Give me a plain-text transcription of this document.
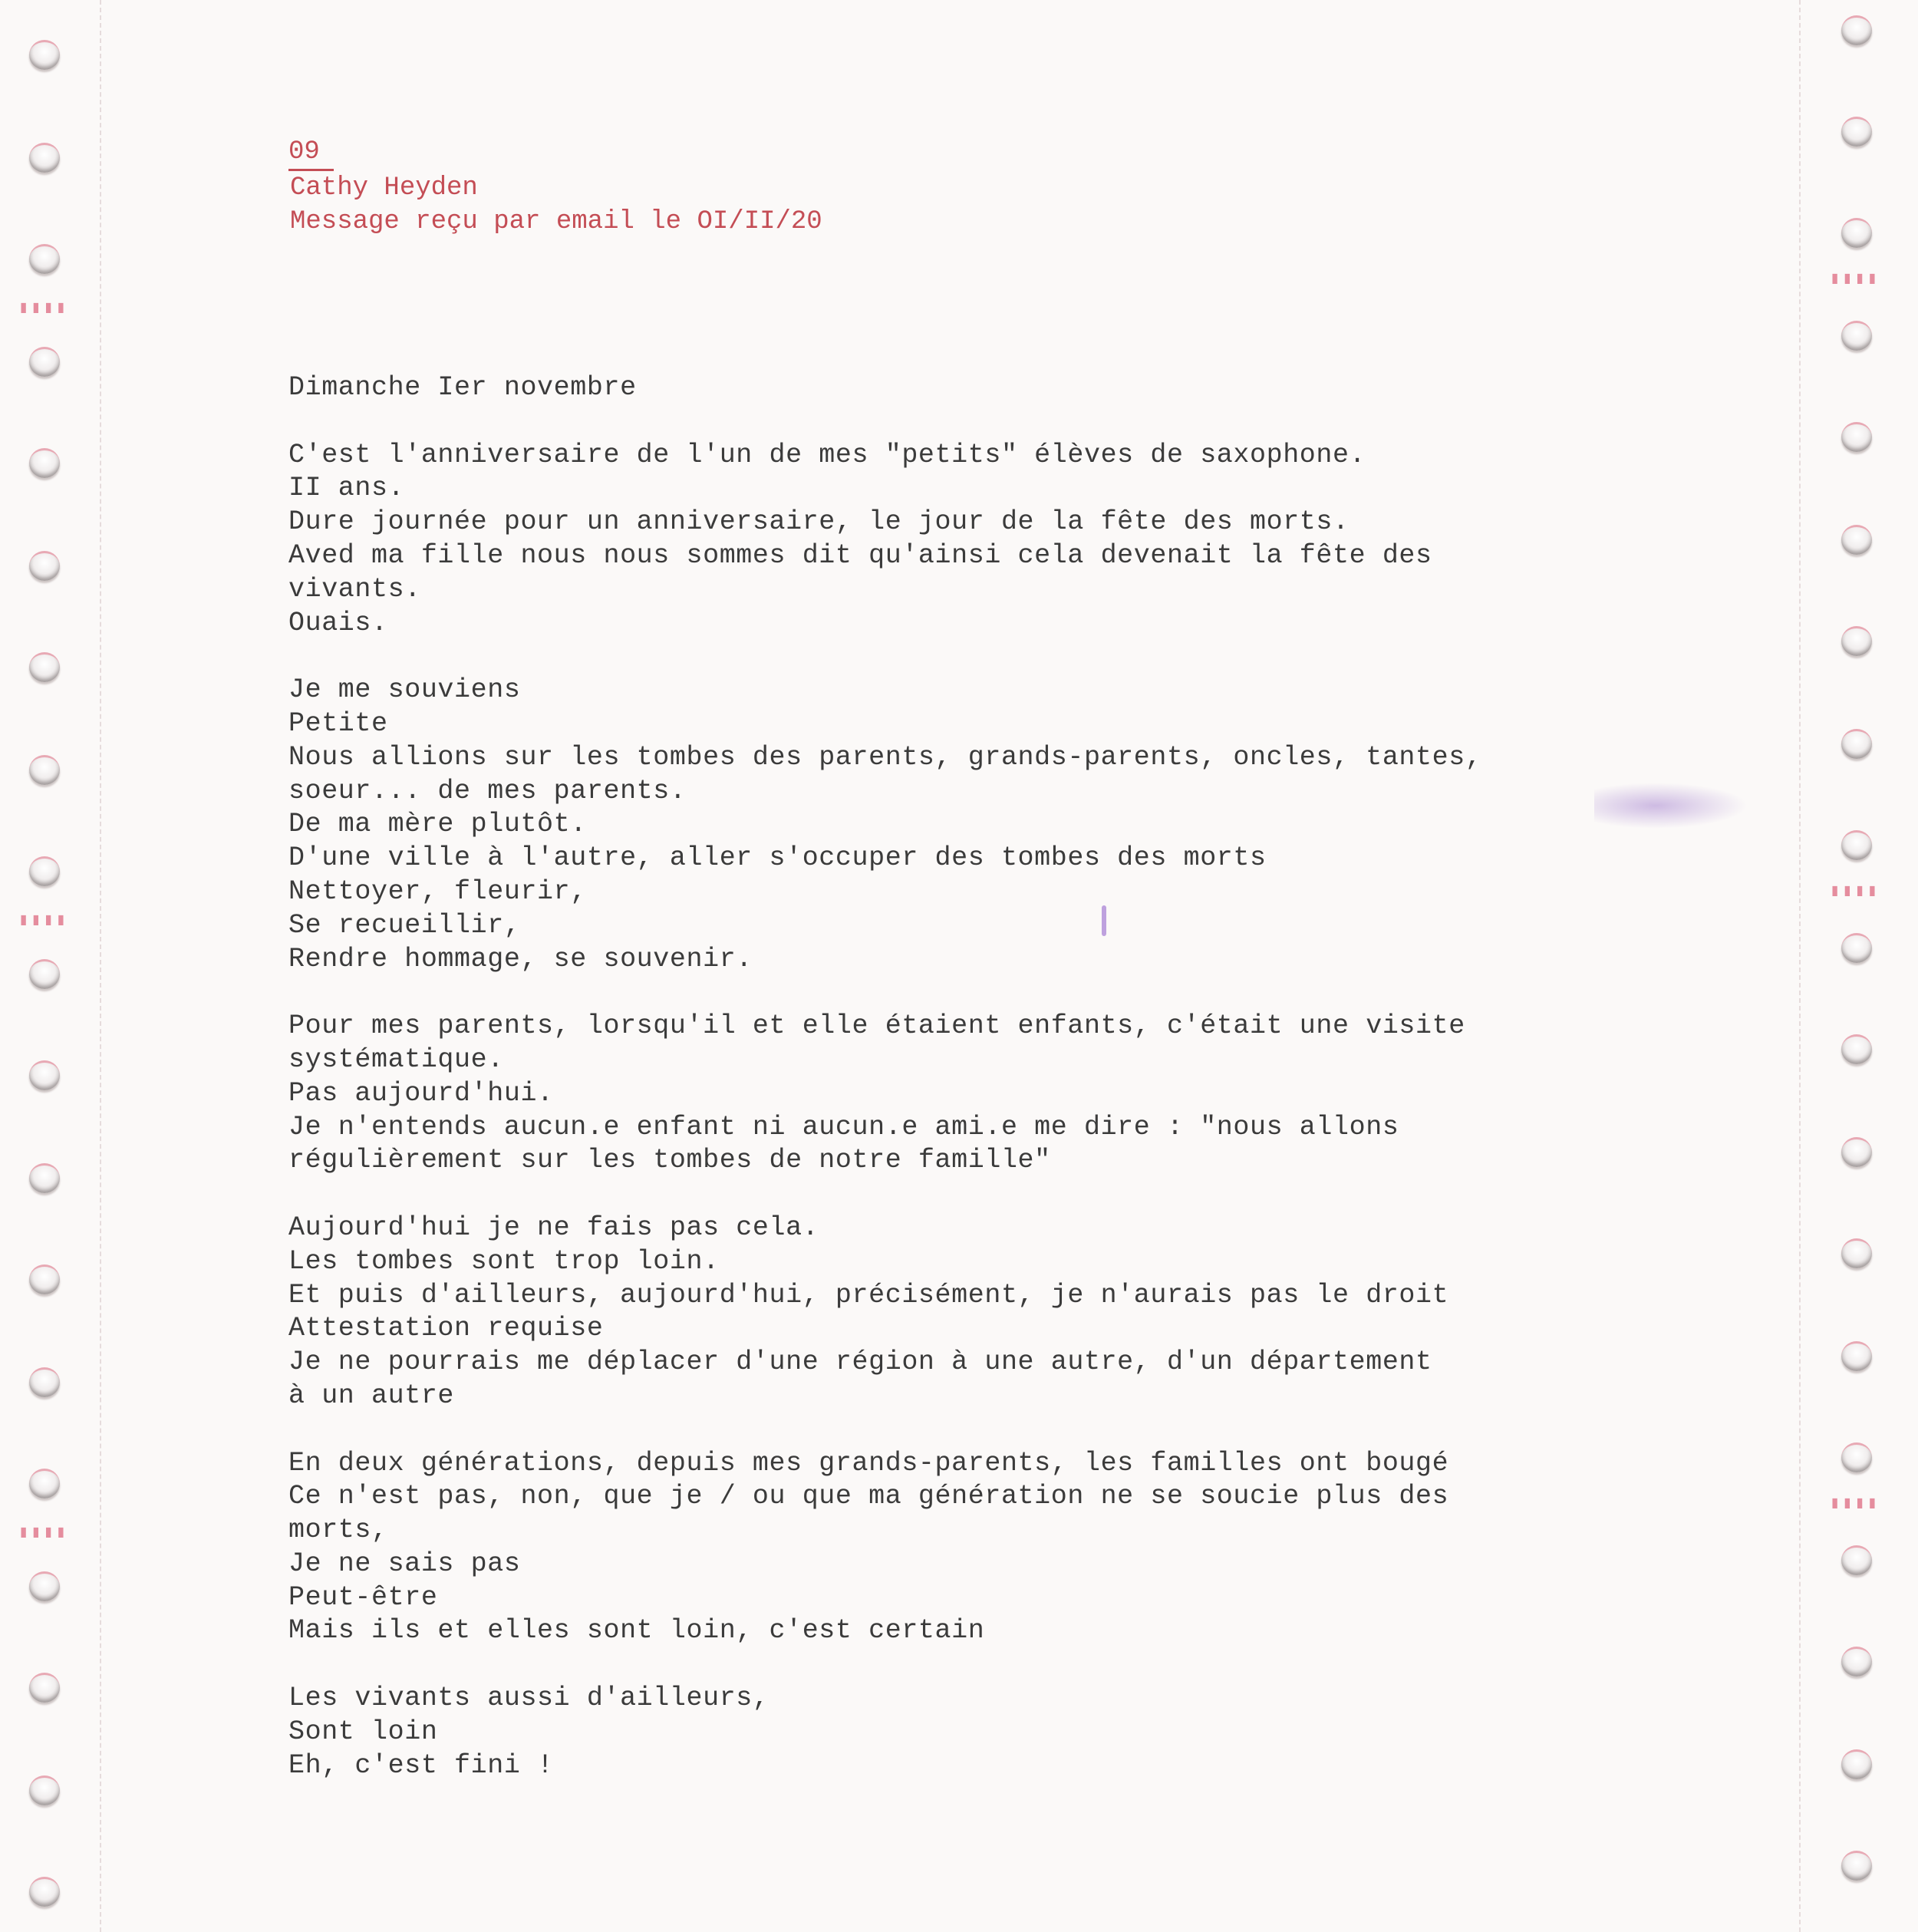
▮▮▮▮
▮▮▮▮
▮▮▮▮
▮▮▮▮
▮▮▮▮
▮▮▮▮
09
Cathy Heyden
Message reçu par email le OI/II/20
Dimanche Ier novembre
C'est l'anniversaire de l'un de mes "petits" élèves de saxophone.
II ans.
Dure journée pour un anniversaire, le jour de la fête des morts.
Aved ma fille nous nous sommes dit qu'ainsi cela devenait la fête des
vivants.
Ouais.
Je me souviens
Petite
Nous allions sur les tombes des parents, grands-parents, oncles, tantes,
soeur... de mes parents.
De ma mère plutôt.
D'une ville à l'autre, aller s'occuper des tombes des morts
Nettoyer, fleurir,
Se recueillir,
Rendre hommage, se souvenir.
Pour mes parents, lorsqu'il et elle étaient enfants, c'était une visite
systématique.
Pas aujourd'hui.
Je n'entends aucun.e enfant ni aucun.e ami.e me dire : "nous allons
régulièrement sur les tombes de notre famille"
Aujourd'hui je ne fais pas cela.
Les tombes sont trop loin.
Et puis d'ailleurs, aujourd'hui, précisément, je n'aurais pas le droit
Attestation requise
Je ne pourrais me déplacer d'une région à une autre, d'un département
à un autre
En deux générations, depuis mes grands-parents, les familles ont bougé
Ce n'est pas, non, que je / ou que ma génération ne se soucie plus des
morts,
Je ne sais pas
Peut-être
Mais ils et elles sont loin, c'est certain
Les vivants aussi d'ailleurs,
Sont loin
Eh, c'est fini !
